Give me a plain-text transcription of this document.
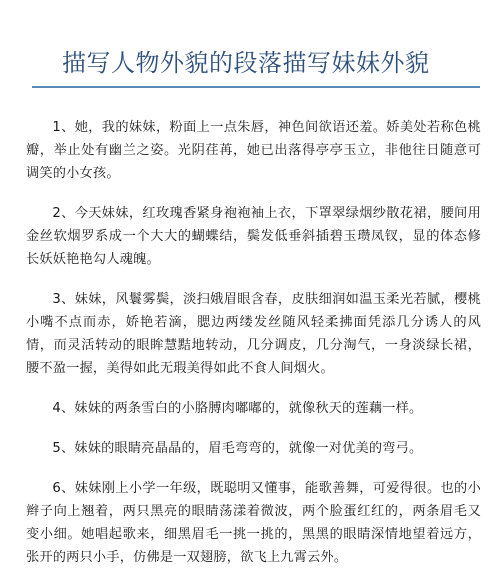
描写人物外貌的段落描写妹妹外貌

1、她，我的妹妹，粉面上一点朱唇，神色间欲语还羞。娇美处若称色桃瓣，举止处有幽兰之姿。光阴荏苒，她已出落得亭亭玉立，非他往日随意可调笑的小女孩。

2、今天妹妹，红玫瑰香紧身袍袍袖上衣，下罩翠绿烟纱散花裙，腰间用金丝软烟罗系成一个大大的蝴蝶结，鬓发低垂斜插碧玉瓒凤钗，显的体态修长妖妖艳艳勾人魂魄。

3、妹妹，风鬟雾鬓，淡扫娥眉眼含春，皮肤细润如温玉柔光若腻，樱桃小嘴不点而赤，娇艳若滴，腮边两缕发丝随风轻柔拂面凭添几分诱人的风情，而灵活转动的眼眸慧黠地转动，几分调皮，几分淘气，一身淡绿长裙，腰不盈一握，美得如此无瑕美得如此不食人间烟火。

4、妹妹的两条雪白的小胳膊肉嘟嘟的，就像秋天的莲藕一样。

5、妹妹的眼睛亮晶晶的，眉毛弯弯的，就像一对优美的弯弓。

6、妹妹刚上小学一年级，既聪明又懂事，能歌善舞，可爱得很。也的小辫子向上翘着，两只黑亮的眼睛荡漾着微波，两个脸蛋红红的，两条眉毛又变小细。她唱起歌来，细黑眉毛一挑一挑的，黑黑的眼睛深情地望着远方，张开的两只小手，仿佛是一双翅膀，欲飞上九霄云外。
